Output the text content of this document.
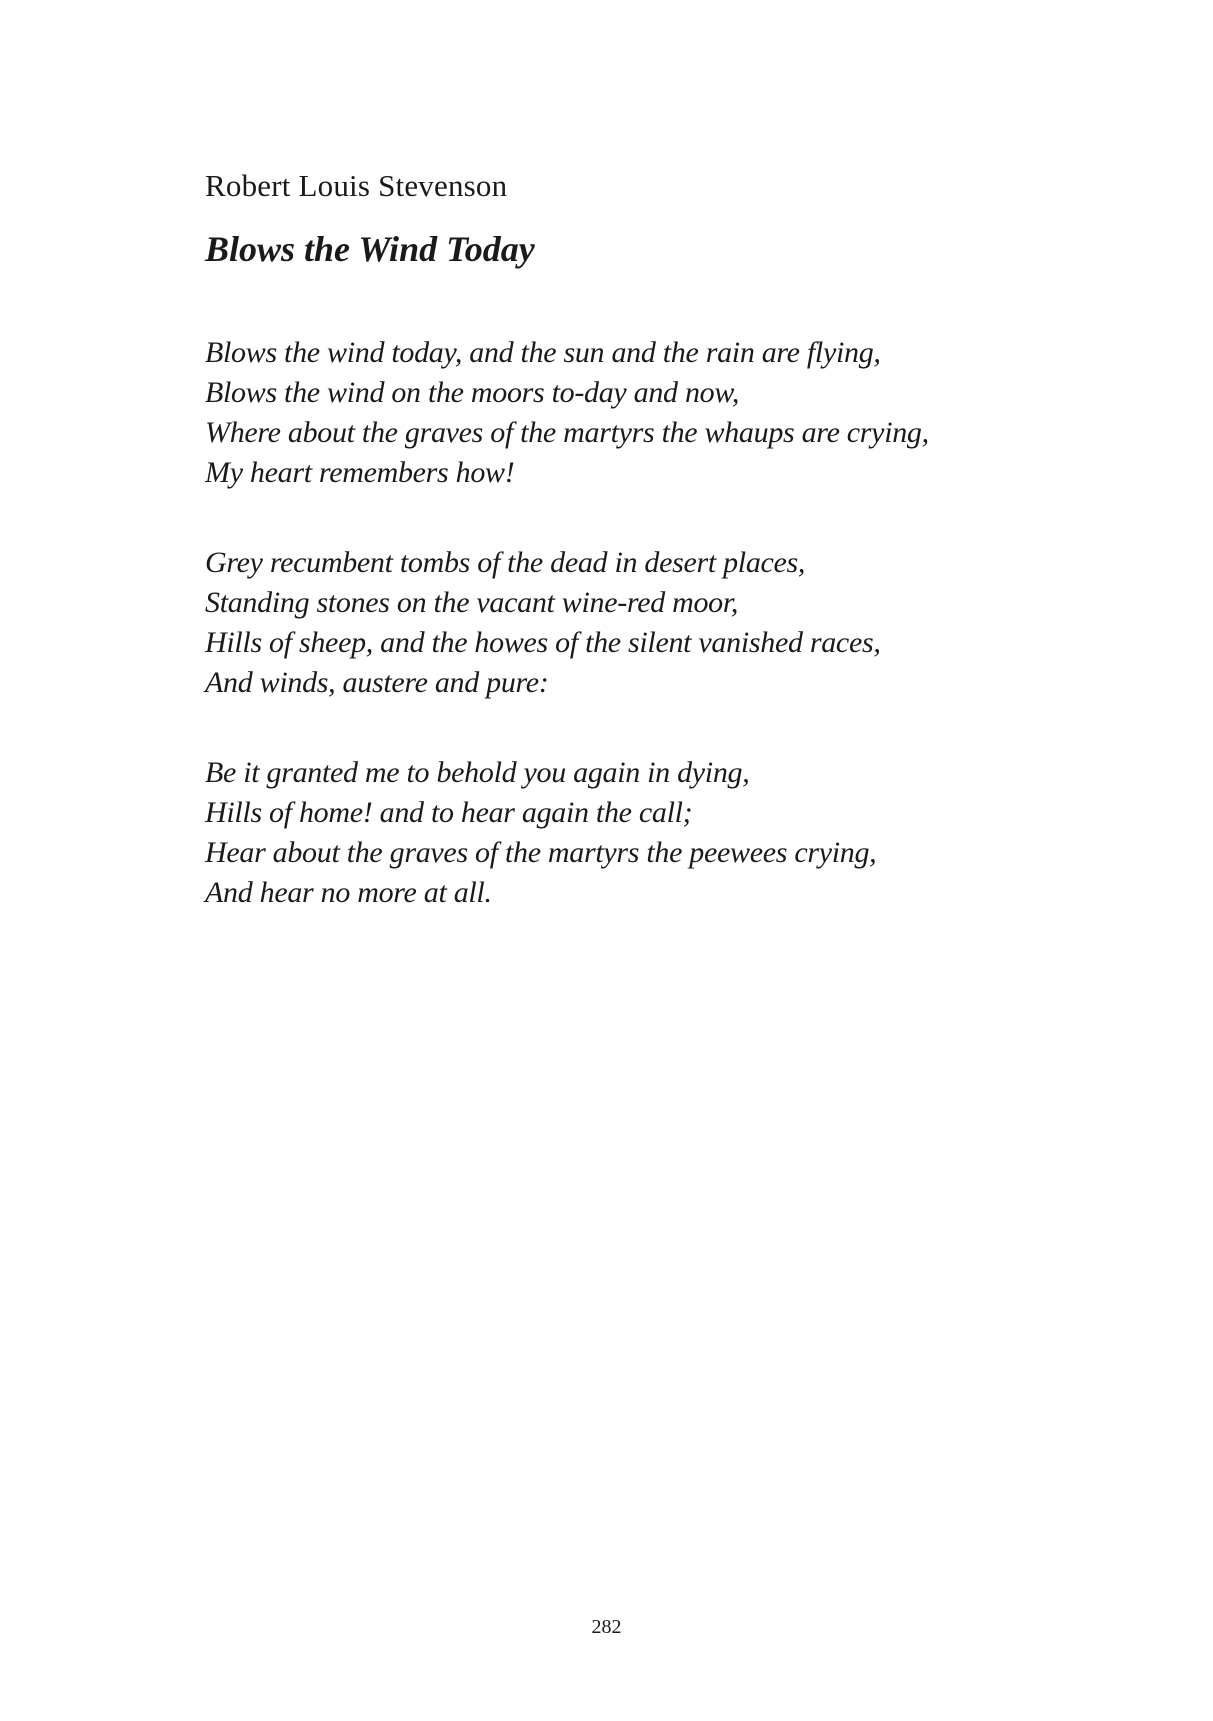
Robert Louis Stevenson
Blows the Wind Today
Blows the wind today, and the sun and the rain are flying,
Blows the wind on the moors to-day and now,
Where about the graves of the martyrs the whaups are crying,
My heart remembers how!
Grey recumbent tombs of the dead in desert places,
Standing stones on the vacant wine-red moor,
Hills of sheep, and the howes of the silent vanished races,
And winds, austere and pure:
Be it granted me to behold you again in dying,
Hills of home! and to hear again the call;
Hear about the graves of the martyrs the peewees crying,
And hear no more at all.
282
